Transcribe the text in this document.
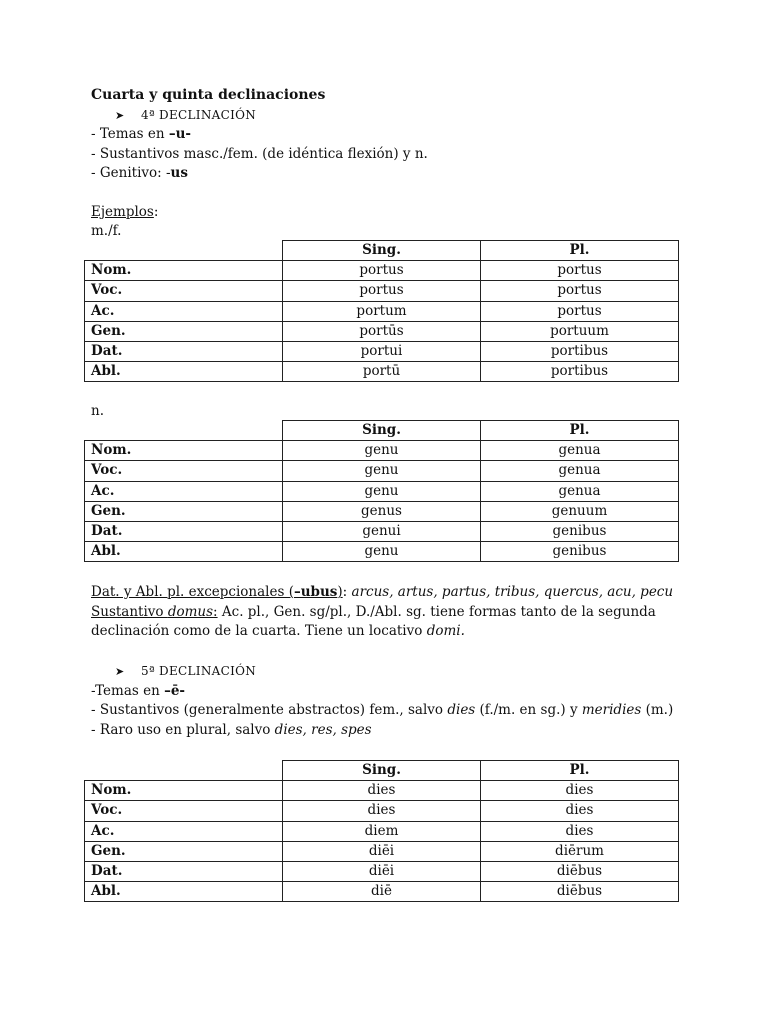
Cuarta y quinta declinaciones
➤ 4ª DECLINACIÓN
- Temas en –u-
- Sustantivos masc./fem. (de idéntica flexión) y n.
- Genitivo: -us
Ejemplos:
m./f.
	Sing.	Pl.
Nom.	portus	portus
Voc.	portus	portus
Ac.	portum	portus
Gen.	portūs	portuum
Dat.	portui	portibus
Abl.	portū	portibus
n.
	Sing.	Pl.
Nom.	genu	genua
Voc.	genu	genua
Ac.	genu	genua
Gen.	genus	genuum
Dat.	genui	genibus
Abl.	genu	genibus
Dat. y Abl. pl. excepcionales (–ubus): arcus, artus, partus, tribus, quercus, acu, pecu
Sustantivo domus: Ac. pl., Gen. sg/pl., D./Abl. sg. tiene formas tanto de la segunda
declinación como de la cuarta. Tiene un locativo domi.
➤ 5ª DECLINACIÓN
-Temas en –ē-
- Sustantivos (generalmente abstractos) fem., salvo dies (f./m. en sg.) y meridies (m.)
- Raro uso en plural, salvo dies, res, spes
	Sing.	Pl.
Nom.	dies	dies
Voc.	dies	dies
Ac.	diem	dies
Gen.	diēi	diērum
Dat.	diēi	diēbus
Abl.	diē	diēbus
